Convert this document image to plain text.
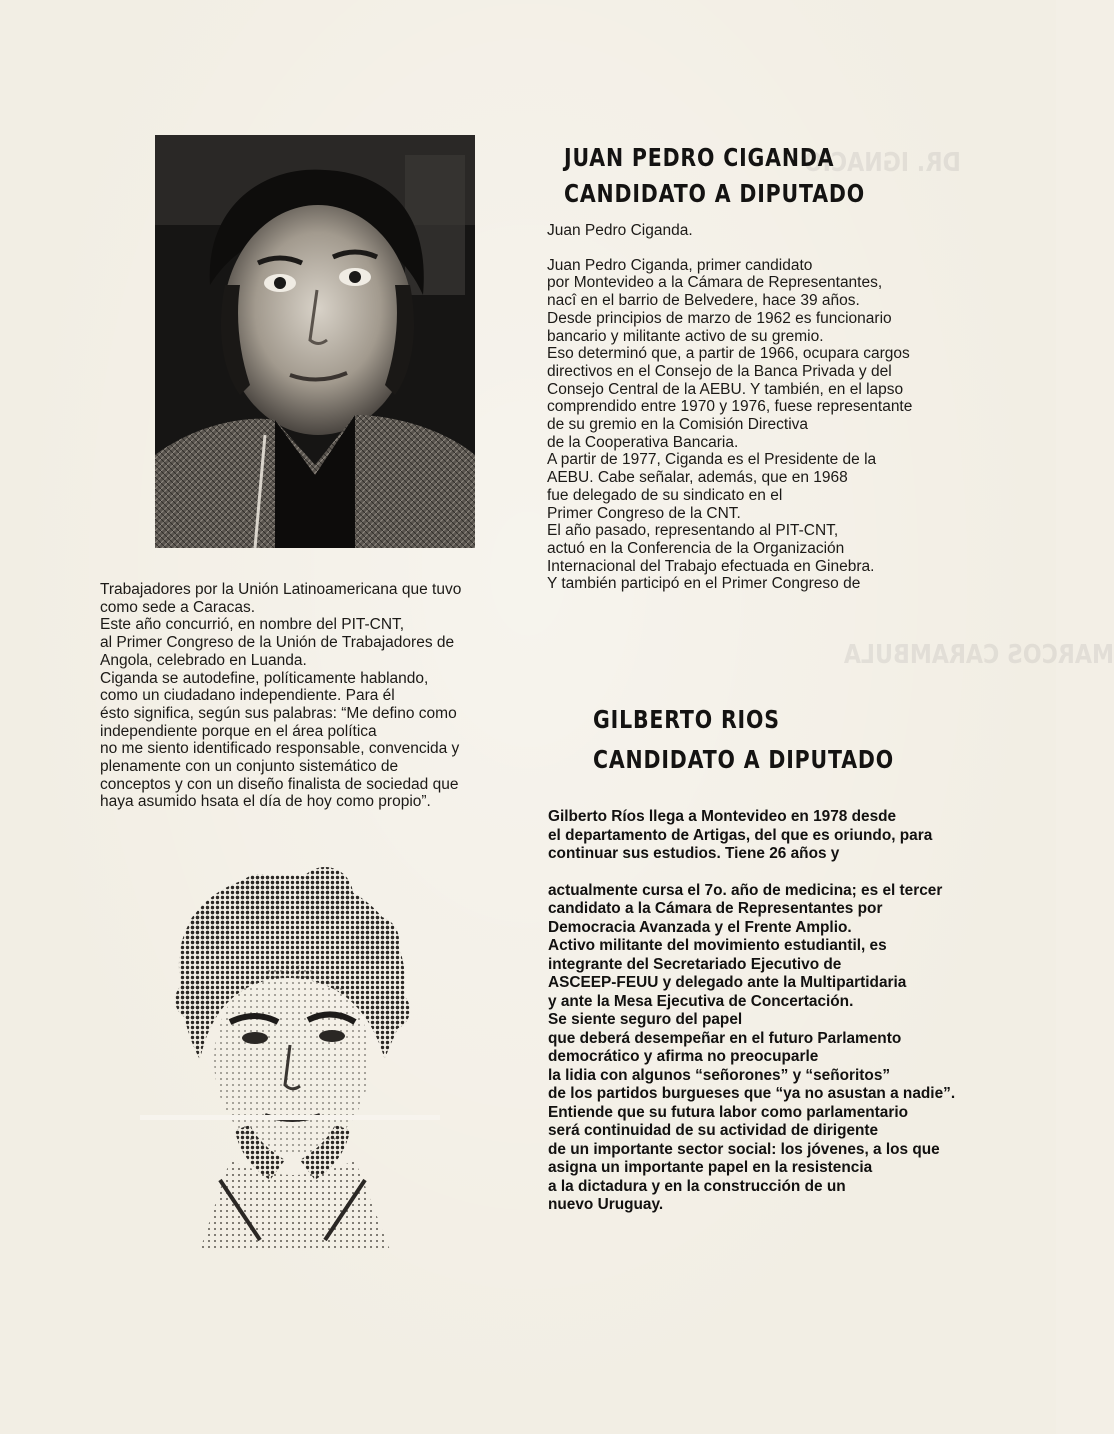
DR. IGNACIO
MARCOS CARAMBULA
JUAN PEDRO CIGANDA
CANDIDATO A DIPUTADO
Juan Pedro Ciganda.
Juan Pedro Ciganda, primer candidato
por Montevideo a la Cámara de Representantes,
nacî en el barrio de Belvedere, hace 39 años.
Desde principios de marzo de 1962 es funcionario
bancario y militante activo de su gremio.
Eso determinó que, a partir de 1966, ocupara cargos
directivos en el Consejo de la Banca Privada y del
Consejo Central de la AEBU. Y también, en el lapso
comprendido entre 1970 y 1976, fuese representante
de su gremio en la Comisión Directiva
de la Cooperativa Bancaria.
A partir de 1977, Ciganda es el Presidente de la
AEBU. Cabe señalar, además, que en 1968
fue delegado de su sindicato en el
Primer Congreso de la CNT.
El año pasado, representando al PIT-CNT,
actuó en la Conferencia de la Organización
Internacional del Trabajo efectuada en Ginebra.
Y también participó en el Primer Congreso de
Trabajadores por la Unión Latinoamericana que tuvo
como sede a Caracas.
Este año concurrió, en nombre del PIT-CNT,
al Primer Congreso de la Unión de Trabajadores de
Angola, celebrado en Luanda.
Ciganda se autodefine, políticamente hablando,
como un ciudadano independiente. Para él
ésto significa, según sus palabras: “Me defino como
independiente porque en el área política
no me siento identificado responsable, convencida y
plenamente con un conjunto sistemático de
conceptos y con un diseño finalista de sociedad que
haya asumido hsata el día de hoy como propio”.
GILBERTO RIOS
CANDIDATO A DIPUTADO
Gilberto Ríos llega a Montevideo en 1978 desde
el departamento de Artigas, del que es oriundo, para
continuar sus estudios. Tiene 26 años y
actualmente cursa el 7o. año de medicina; es el tercer
candidato a la Cámara de Representantes por
Democracia Avanzada y el Frente Amplio.
Activo militante del movimiento estudiantil, es
integrante del Secretariado Ejecutivo de
ASCEEP-FEUU y delegado ante la Multipartidaria
y ante la Mesa Ejecutiva de Concertación.
Se siente seguro del papel
que deberá desempeñar en el futuro Parlamento
democrático y afirma no preocuparle
la lidia con algunos “señorones” y “señoritos”
de los partidos burgueses que “ya no asustan a nadie”.
Entiende que su futura labor como parlamentario
será continuidad de su actividad de dirigente
de un importante sector social: los jóvenes, a los que
asigna un importante papel en la resistencia
a la dictadura y en la construcción de un
nuevo Uruguay.
